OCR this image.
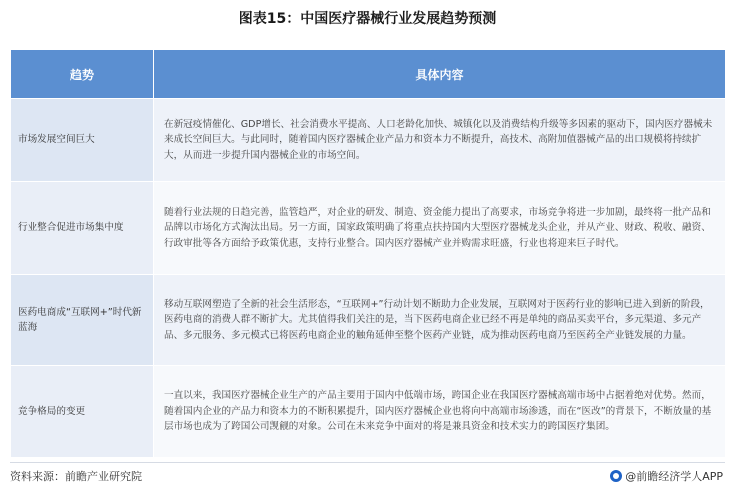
图表15：中国医疗器械行业发展趋势预测
趋势	具体内容
市场发展空间巨大	在新冠疫情催化、GDP增长、社会消费水平提高、人口老龄化加快、城镇化以及消费结构升级等多因素的驱动下，国内医疗器械未来成长空间巨大。与此同时，随着国内医疗器械企业产品力和资本力不断提升，高技术、高附加值器械产品的出口规模将持续扩大，从而进一步提升国内器械企业的市场空间。
行业整合促进市场集中度	随着行业法规的日趋完善，监管趋严，对企业的研发、制造、资金能力提出了高要求，市场竞争将进一步加剧，最终将一批产品和品牌以市场化方式淘汰出局。另一方面，国家政策明确了将重点扶持国内大型医疗器械龙头企业，并从产业、财政、税收、融资、行政审批等各方面给予政策优惠，支持行业整合。国内医疗器械产业并购需求旺盛，行业也将迎来巨子时代。
医药电商成“互联网+”时代新蓝海	移动互联网塑造了全新的社会生活形态，“互联网+”行动计划不断助力企业发展，互联网对于医药行业的影响已进入到新的阶段，医药电商的消费人群不断扩大。尤其值得我们关注的是，当下医药电商企业已经不再是单纯的商品买卖平台，多元渠道、多元产品、多元服务、多元模式已将医药电商企业的触角延伸至整个医药产业链，成为推动医药电商乃至医药全产业链发展的力量。
竞争格局的变更	一直以来，我国医疗器械企业生产的产品主要用于国内中低端市场，跨国企业在我国医疗器械高端市场中占据着绝对优势。然而，随着国内企业的产品力和资本力的不断积累提升，国内医疗器械企业也将向中高端市场渗透，而在“医改”的背景下，不断放量的基层市场也成为了跨国公司觊觎的对象。公司在未来竞争中面对的将是兼具资金和技术实力的跨国医疗集团。
资料来源：前瞻产业研究院	@前瞻经济学人APP
